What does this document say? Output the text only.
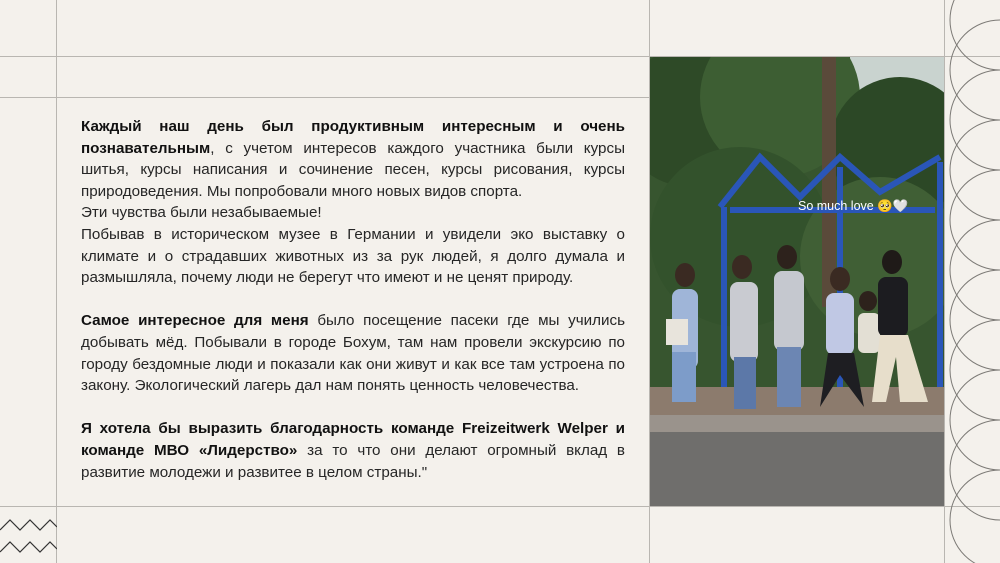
Каждый наш день был продуктивным интересным и очень познавательным, с учетом интересов каждого участника были курсы шитья, курсы написания и сочинение песен, курсы рисования, курсы природоведения. Мы попробовали много новых видов спорта.

Эти чувства были незабываемые!

Побывав в историческом музее в Германии и увидели эко выставку о климате и о страдавших животных из за рук людей, я долго думала и размышляла, почему люди не берегут что имеют и не ценят природу.

Самое интересное для меня было посещение пасеки где мы учились добывать мёд. Побывали в городе Бохум, там нам провели экскурсию по городу бездомные люди и показали как они живут и как все там устроена по закону. Экологический лагерь дал нам понять ценность человечества.

Я хотела бы выразить благодарность команде Freizeitwerk Welper и команде МВО «Лидерство» за то что они делают огромный вклад в развитие молодежи и развитее в целом страны."

So much love 🥺🤍
